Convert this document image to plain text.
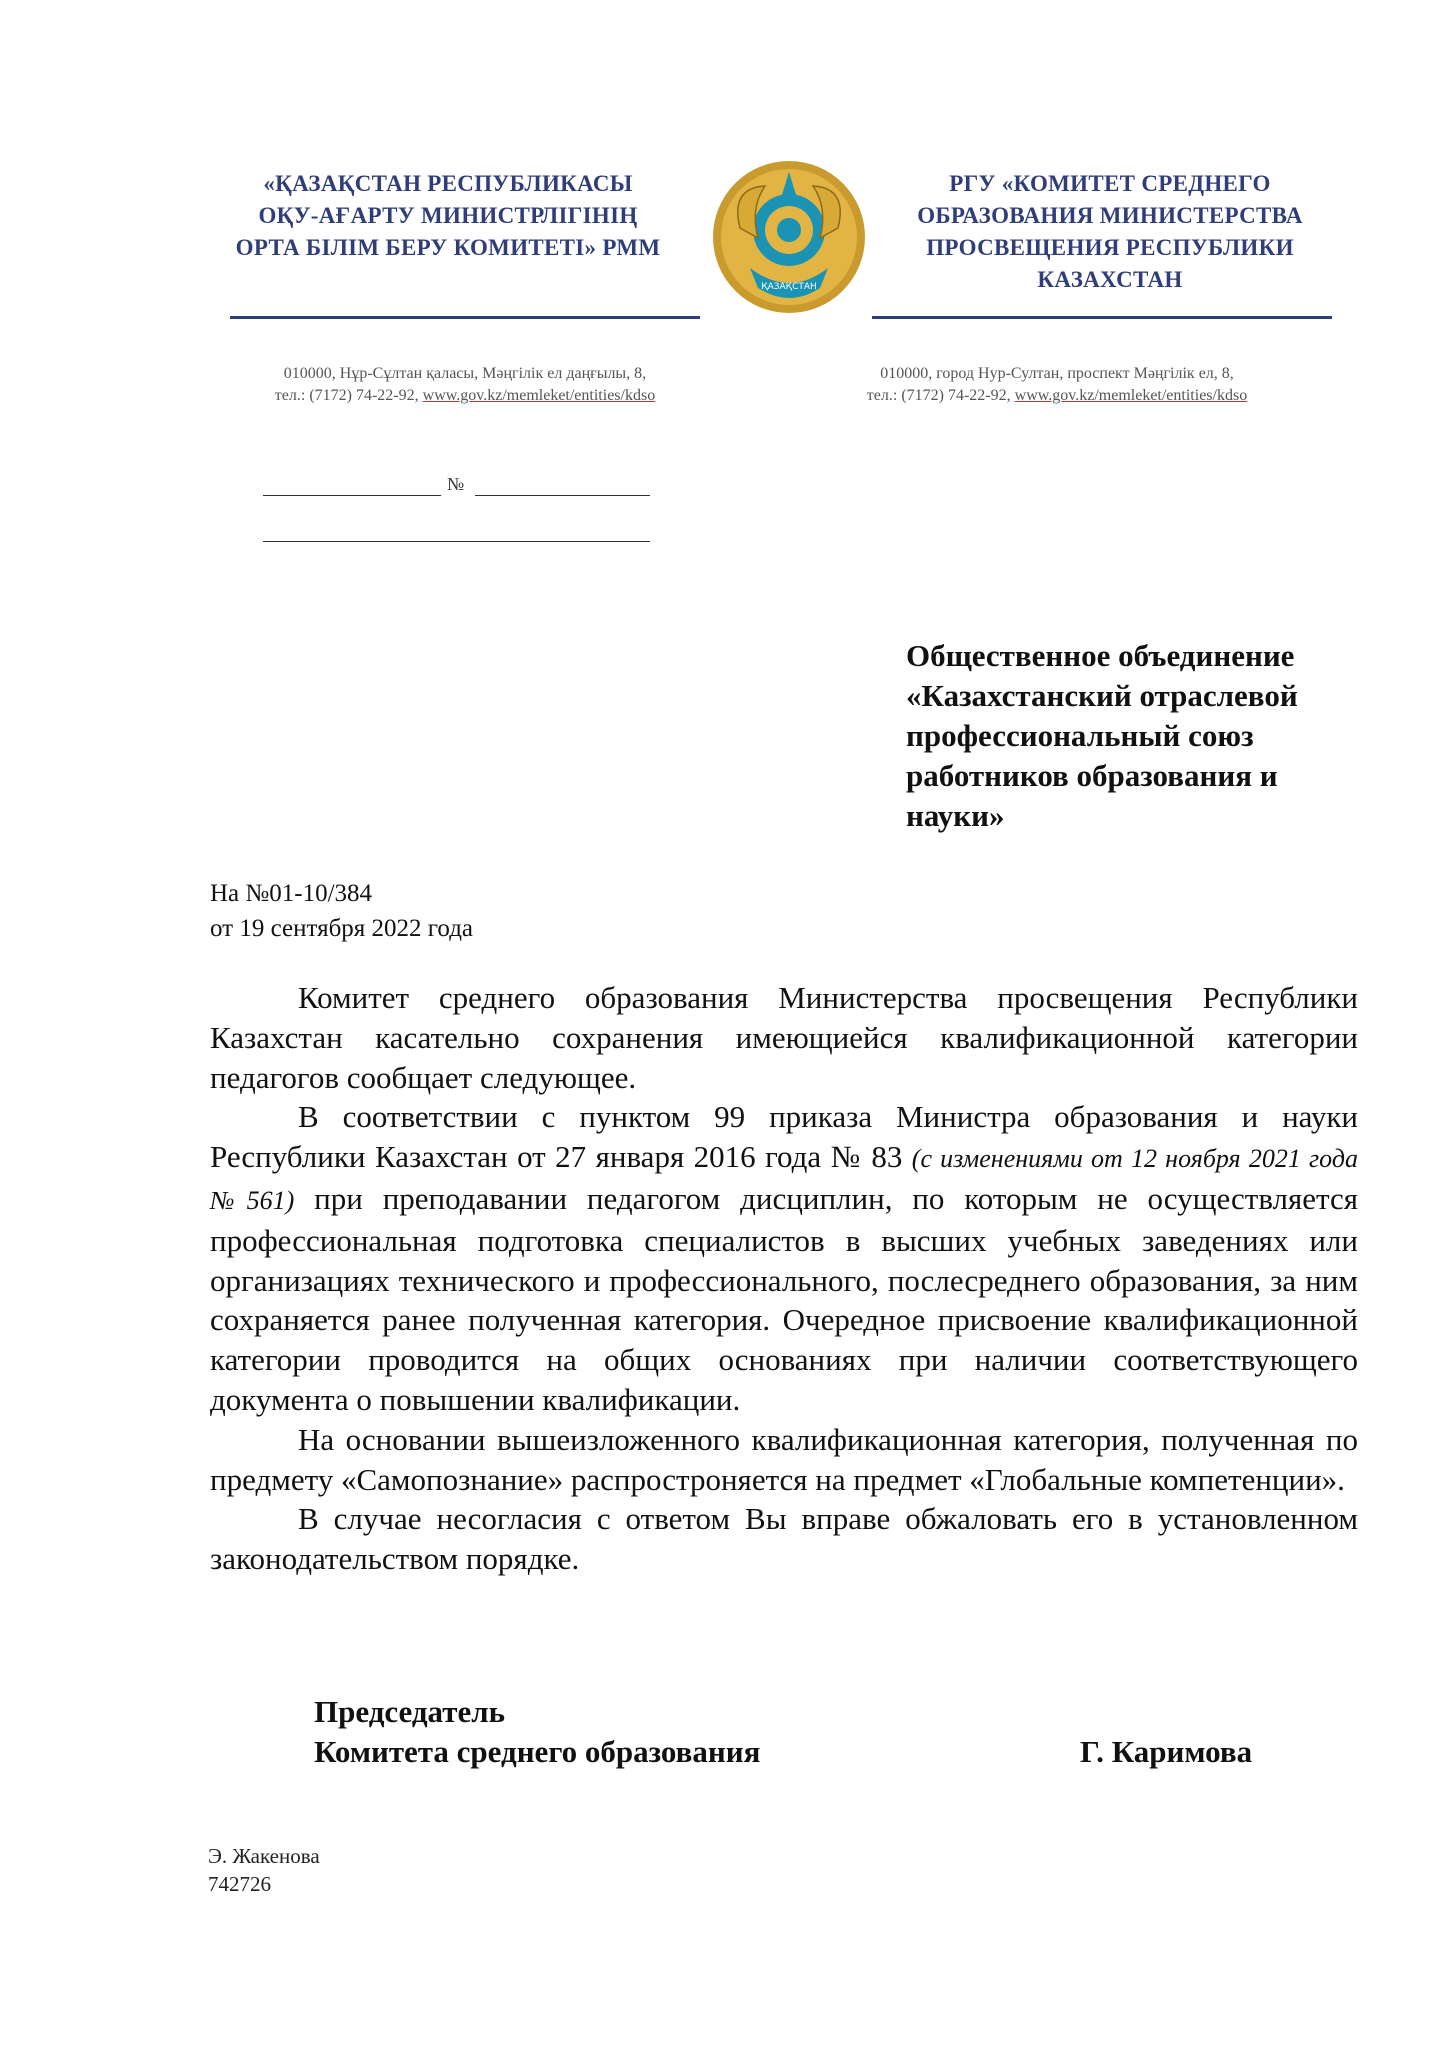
«ҚАЗАҚСТАН РЕСПУБЛИКАСЫ
ОҚУ-АҒАРТУ МИНИСТРЛІГІНІҢ
ОРТА БІЛІМ БЕРУ КОМИТЕТІ» РММ
ҚАЗАҚСТАН
РГУ «КОМИТЕТ СРЕДНЕГО
ОБРАЗОВАНИЯ МИНИСТЕРСТВА
ПРОСВЕЩЕНИЯ РЕСПУБЛИКИ
КАЗАХСТАН
010000, Нұр-Сұлтан қаласы, Мәңгілік ел даңғылы, 8,
тел.: (7172) 74-22-92, www.gov.kz/memleket/entities/kdso
010000, город Нур-Султан, проспект Мәңгілік ел, 8,
тел.: (7172) 74-22-92, www.gov.kz/memleket/entities/kdso
№
Общественное объединение
«Казахстанский отраслевой
профессиональный союз
работников образования и
науки»
На №01-10/384
от 19 сентября 2022 года

Комитет среднего образования Министерства просвещения Республики Казахстан касательно сохранения имеющиейся квалификационной категории педагогов сообщает следующее.

В соответствии с пунктом 99 приказа Министра образования и науки Республики Казахстан от 27 января 2016 года № 83 (с изменениями от 12 ноября 2021 года №561) при преподавании педагогом дисциплин, по которым не осуществляется профессиональная подготовка специалистов в высших учебных заведениях или организациях технического и профессионального, послесреднего образования, за ним сохраняется ранее полученная категория. Очередное присвоение квалификационной категории проводится на общих основаниях при наличии соответствующего документа о повышении квалификации.

На основании вышеизложенного квалификационная категория, полученная по предмету «Самопознание» распростроняется на предмет «Глобальные компетенции».

В случае несогласия с ответом Вы вправе обжаловать его в установленном законодательством порядке.

Председатель
Комитета среднего образования	Г. Каримова
Э. Жакенова
742726
